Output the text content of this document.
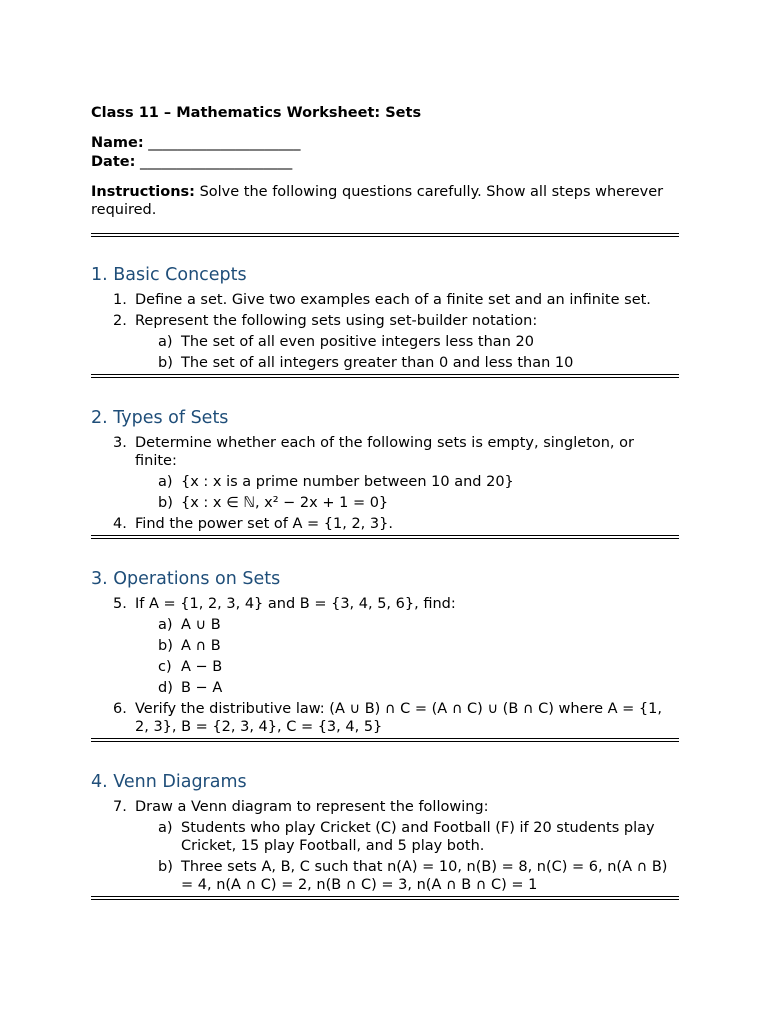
Class 11 – Mathematics Worksheet: Sets
Name: _____________________
Date: _____________________
Instructions: Solve the following questions carefully. Show all steps wherever required.
1. Basic Concepts
1. Define a set. Give two examples each of a finite set and an infinite set.
2. Represent the following sets using set-builder notation:
a) The set of all even positive integers less than 20
b) The set of all integers greater than 0 and less than 10
2. Types of Sets
3. Determine whether each of the following sets is empty, singleton, or finite:
a) {x : x is a prime number between 10 and 20}
b) {x : x ∈ ℕ, x² − 2x + 1 = 0}
4. Find the power set of A = {1, 2, 3}.
3. Operations on Sets
5. If A = {1, 2, 3, 4} and B = {3, 4, 5, 6}, find:
a) A ∪ B
b) A ∩ B
c) A − B
d) B − A
6. Verify the distributive law: (A ∪ B) ∩ C = (A ∩ C) ∪ (B ∩ C) where A = {1, 2, 3}, B = {2, 3, 4}, C = {3, 4, 5}
4. Venn Diagrams
7. Draw a Venn diagram to represent the following:
a) Students who play Cricket (C) and Football (F) if 20 students play Cricket, 15 play Football, and 5 play both.
b) Three sets A, B, C such that n(A) = 10, n(B) = 8, n(C) = 6, n(A ∩ B) = 4, n(A ∩ C) = 2, n(B ∩ C) = 3, n(A ∩ B ∩ C) = 1
